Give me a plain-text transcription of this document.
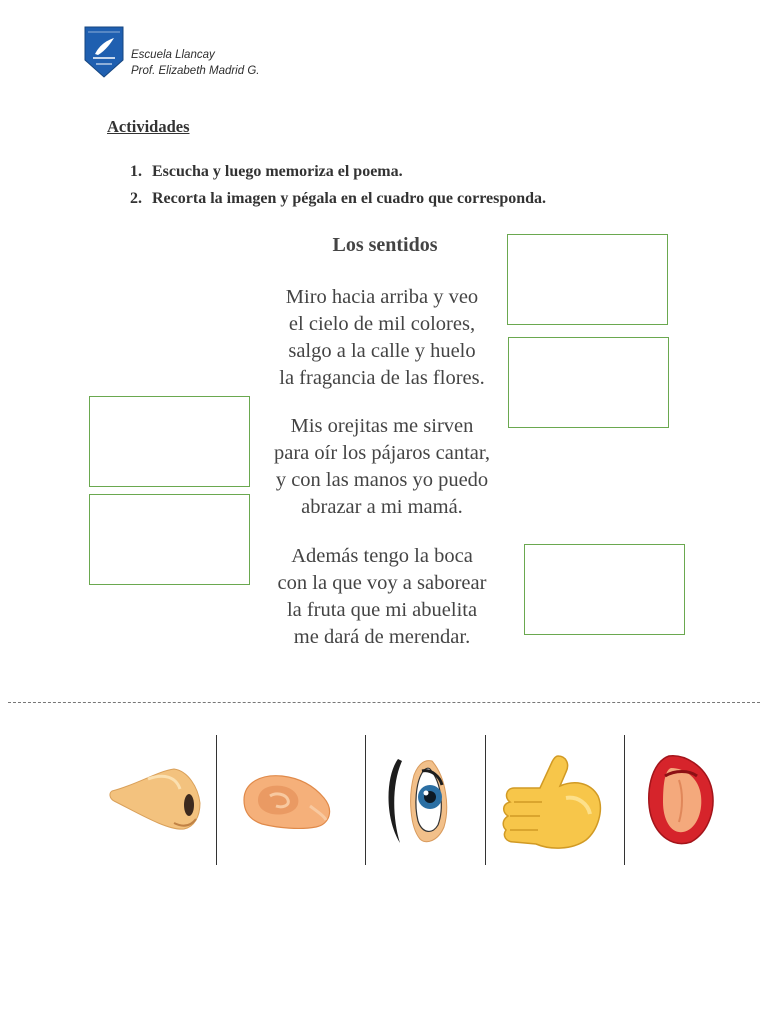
Escuela Llancay
Prof. Elizabeth Madrid G.
Actividades
1. Escucha y luego memoriza el poema.
2. Recorta la imagen y pégala en el cuadro que corresponda.
Los sentidos
Miro hacia arriba y veo
el cielo de mil colores,
salgo a la calle y huelo
la fragancia de las flores.
Mis orejitas me sirven
para oír los pájaros cantar,
y con las manos yo puedo
abrazar a mi mamá.
Además tengo la boca
con la que voy a saborear
la fruta que mi abuelita
me dará de merendar.
